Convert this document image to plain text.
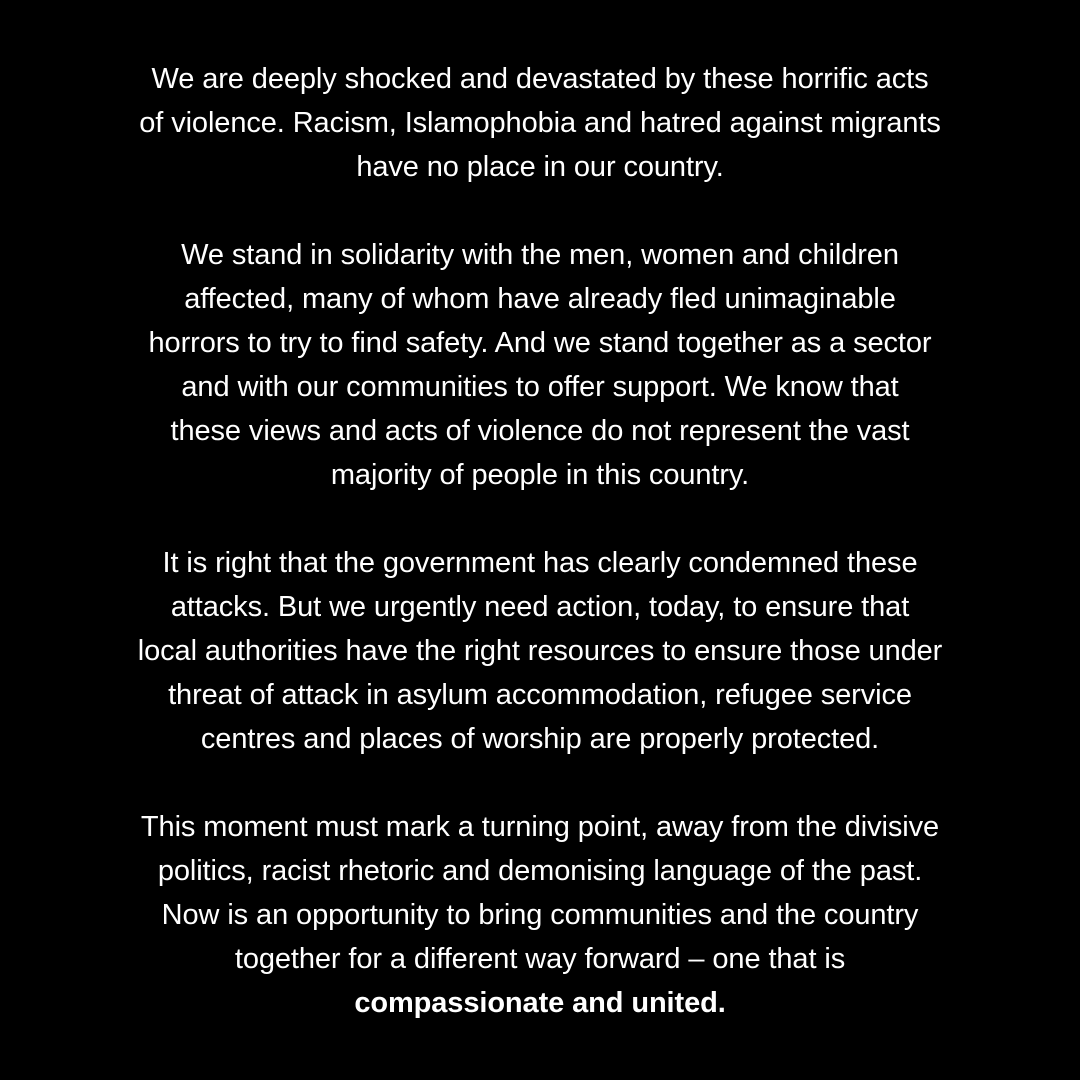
We are deeply shocked and devastated by these horrific acts
of violence. Racism, Islamophobia and hatred against migrants
have no place in our country.
We stand in solidarity with the men, women and children
affected, many of whom have already fled unimaginable
horrors to try to find safety. And we stand together as a sector
and with our communities to offer support. We know that
these views and acts of violence do not represent the vast
majority of people in this country.
It is right that the government has clearly condemned these
attacks. But we urgently need action, today, to ensure that
local authorities have the right resources to ensure those under
threat of attack in asylum accommodation, refugee service
centres and places of worship are properly protected.
This moment must mark a turning point, away from the divisive
politics, racist rhetoric and demonising language of the past.
Now is an opportunity to bring communities and the country
together for a different way forward – one that is
compassionate and united.
